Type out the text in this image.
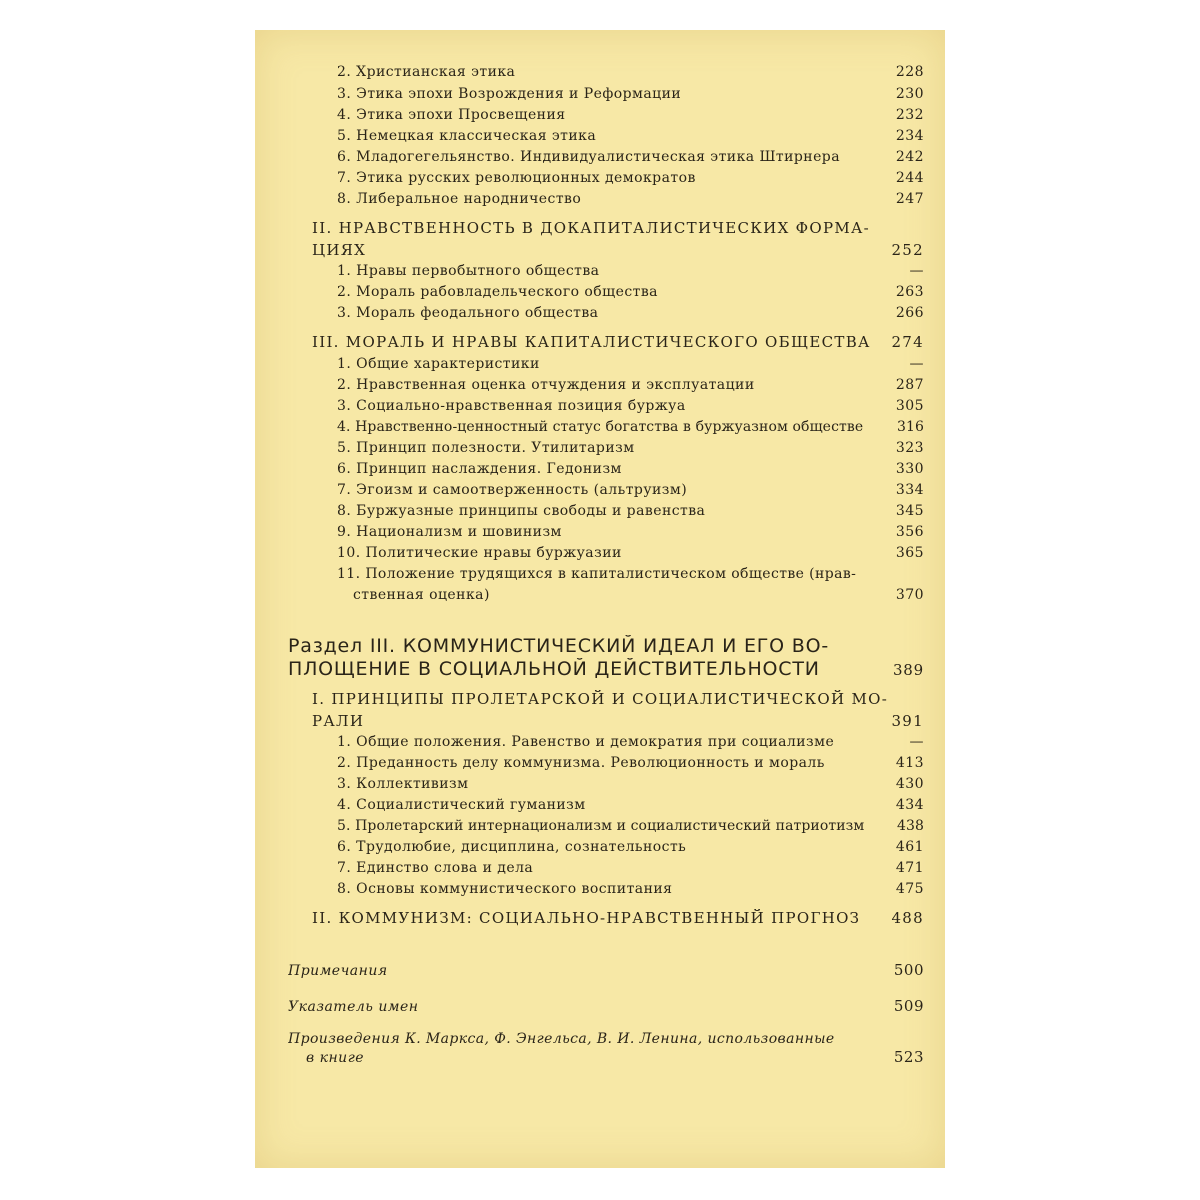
2. Христианская этика	228
3. Этика эпохи Возрождения и Реформации	230
4. Этика эпохи Просвещения	232
5. Немецкая классическая этика	234
6. Младогегельянство. Индивидуалистическая этика Штирнера	242
7. Этика русских революционных демократов	244
8. Либеральное народничество	247
II. НРАВСТВЕННОСТЬ В ДОКАПИТАЛИСТИЧЕСКИХ ФОРМА-
ЦИЯХ	252
1. Нравы первобытного общества	—
2. Мораль рабовладельческого общества	263
3. Мораль феодального общества	266
III. МОРАЛЬ И НРАВЫ КАПИТАЛИСТИЧЕСКОГО ОБЩЕСТВА	274
1. Общие характеристики	—
2. Нравственная оценка отчуждения и эксплуатации	287
3. Социально-нравственная позиция буржуа	305
4. Нравственно-ценностный статус богатства в буржуазном обществе	316
5. Принцип полезности. Утилитаризм	323
6. Принцип наслаждения. Гедонизм	330
7. Эгоизм и самоотверженность (альтруизм)	334
8. Буржуазные принципы свободы и равенства	345
9. Национализм и шовинизм	356
10. Политические нравы буржуазии	365
11. Положение трудящихся в капиталистическом обществе (нрав-
ственная оценка)	370
Раздел III. КОММУНИСТИЧЕСКИЙ ИДЕАЛ И ЕГО ВО-
ПЛОЩЕНИЕ В СОЦИАЛЬНОЙ ДЕЙСТВИТЕЛЬНОСТИ	389
I. ПРИНЦИПЫ ПРОЛЕТАРСКОЙ И СОЦИАЛИСТИЧЕСКОЙ МО-
РАЛИ	391
1. Общие положения. Равенство и демократия при социализме	—
2. Преданность делу коммунизма. Революционность и мораль	413
3. Коллективизм	430
4. Социалистический гуманизм	434
5. Пролетарский интернационализм и социалистический патриотизм	438
6. Трудолюбие, дисциплина, сознательность	461
7. Единство слова и дела	471
8. Основы коммунистического воспитания	475
II. КОММУНИЗМ: СОЦИАЛЬНО-НРАВСТВЕННЫЙ ПРОГНОЗ	488
Примечания	500
Указатель имен	509
Произведения К. Маркса, Ф. Энгельса, В. И. Ленина, использованные
в книге	523
